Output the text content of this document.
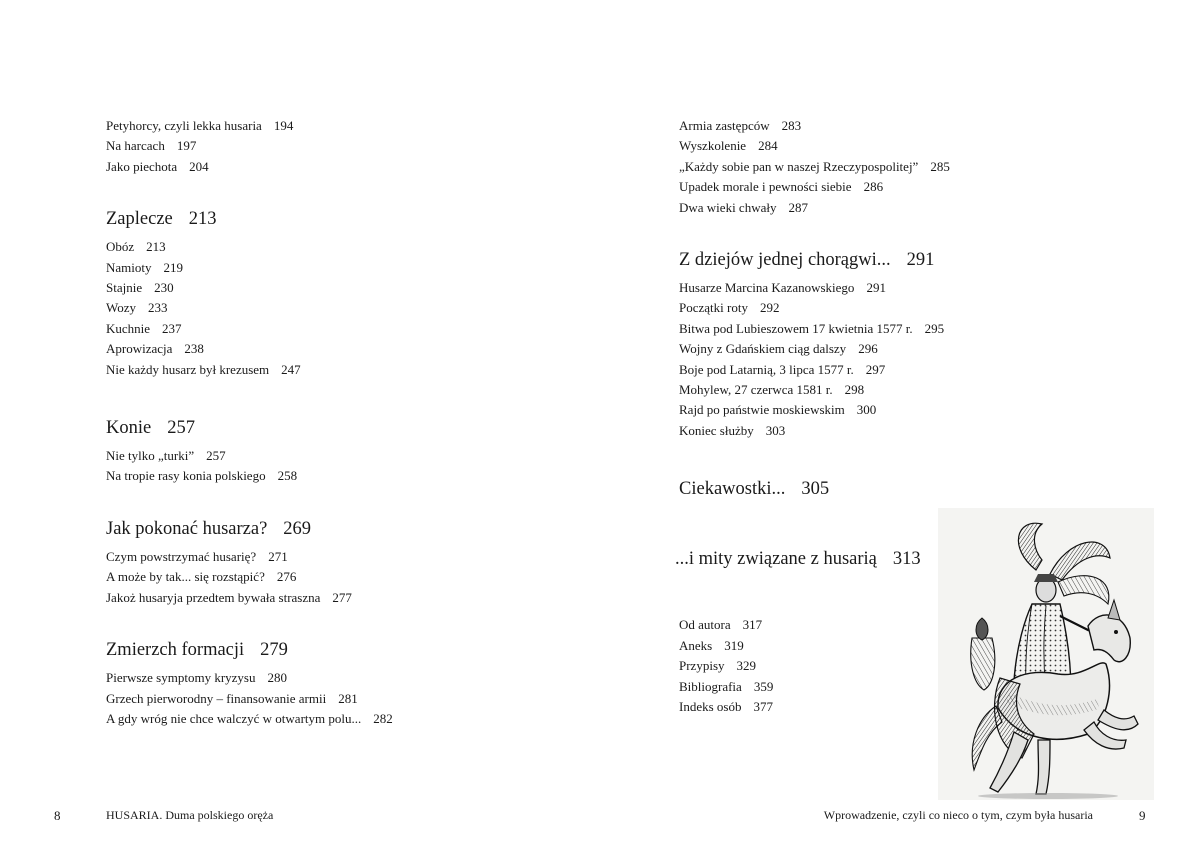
Petyhorcy, czyli lekka husaria 194
Na harcach 197
Jako piechota 204
Zaplecze 213
Obóz 213
Namioty 219
Stajnie 230
Wozy 233
Kuchnie 237
Aprowizacja 238
Nie każdy husarz był krezusem 247
Konie 257
Nie tylko „turki” 257
Na tropie rasy konia polskiego 258
Jak pokonać husarza? 269
Czym powstrzymać husarię? 271
A może by tak... się rozstąpić? 276
Jakoż husaryja przedtem bywała straszna 277
Zmierzch formacji 279
Pierwsze symptomy kryzysu 280
Grzech pierworodny – finansowanie armii 281
A gdy wróg nie chce walczyć w otwartym polu... 282
8	HUSARIA. Duma polskiego oręża
Armia zastępców 283
Wyszkolenie 284
„Każdy sobie pan w naszej Rzeczypospolitej” 285
Upadek morale i pewności siebie 286
Dwa wieki chwały 287
Z dziejów jednej chorągwi... 291
Husarze Marcina Kazanowskiego 291
Początki roty 292
Bitwa pod Lubieszowem 17 kwietnia 1577 r. 295
Wojny z Gdańskiem ciąg dalszy 296
Boje pod Latarnią, 3 lipca 1577 r. 297
Mohylew, 27 czerwca 1581 r. 298
Rajd po państwie moskiewskim 300
Koniec służby 303
Ciekawostki... 305
...i mity związane z husarią 313
Od autora 317
Aneks 319
Przypisy 329
Bibliografia 359
Indeks osób 377
Wprowadzenie, czyli co nieco o tym, czym była husaria	9
